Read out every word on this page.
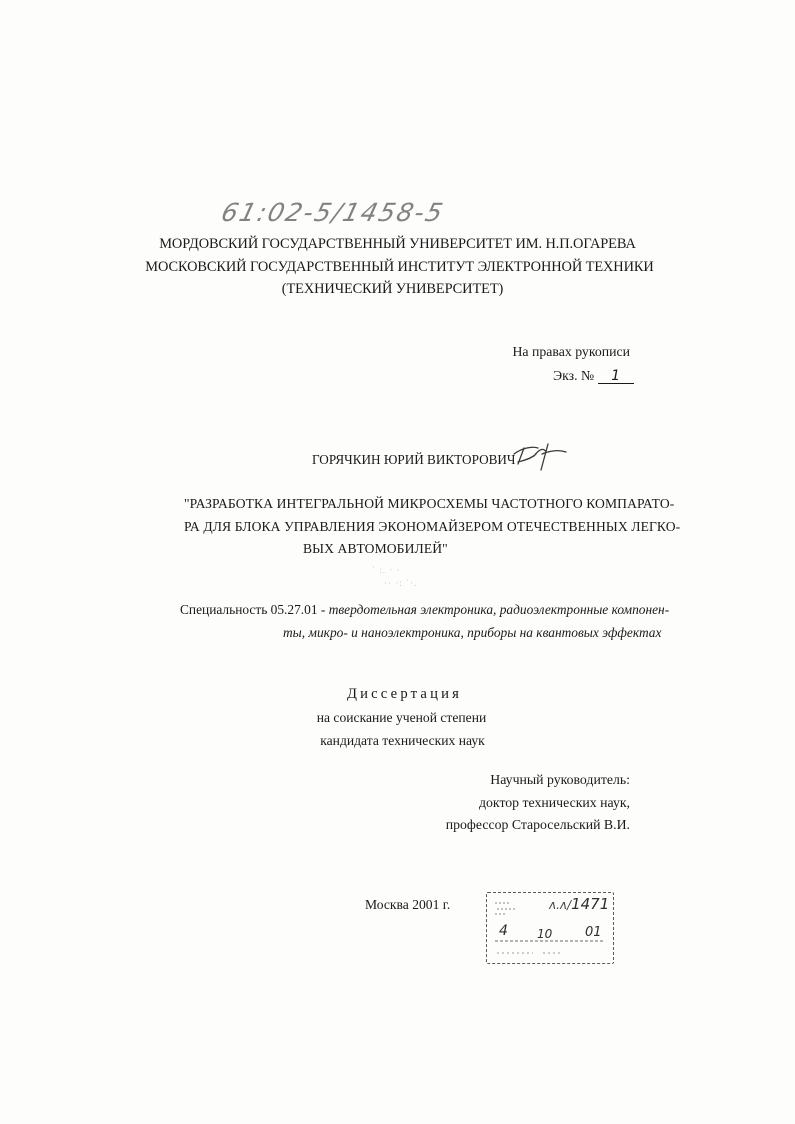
61:02-5/1458-5
МОРДОВСКИЙ ГОСУДАРСТВЕННЫЙ УНИВЕРСИТЕТ ИМ. Н.П.ОГАРЕВА
МОСКОВСКИЙ ГОСУДАРСТВЕННЫЙ ИНСТИТУТ ЭЛЕКТРОННОЙ ТЕХНИКИ
(ТЕХНИЧЕСКИЙ УНИВЕРСИТЕТ)
На правах рукописи
Экз. № 1
ГОРЯЧКИН ЮРИЙ ВИКТОРОВИЧ
"РАЗРАБОТКА ИНТЕГРАЛЬНОЙ МИКРОСХЕМЫ ЧАСТОТНОГО КОМПАРАТО-
РА ДЛЯ БЛОКА УПРАВЛЕНИЯ ЭКОНОМАЙЗЕРОМ ОТЕЧЕСТВЕННЫХ ЛЕГКО-
ВЫХ АВТОМОБИЛЕЙ"
˙ :. · ·
·· ·: ˙·.
Специальность 05.27.01 - твердотельная электроника, радиоэлектронные компонен-
ты, микро- и наноэлектроника, приборы на квантовых эффектах
Диссертация
на соискание ученой степени
кандидата технических наук
Научный руководитель:
доктор технических наук,
профессор Старосельский В.И.
Москва 2001 г.	ᴧ.ᴧ/1471
4 10	01
